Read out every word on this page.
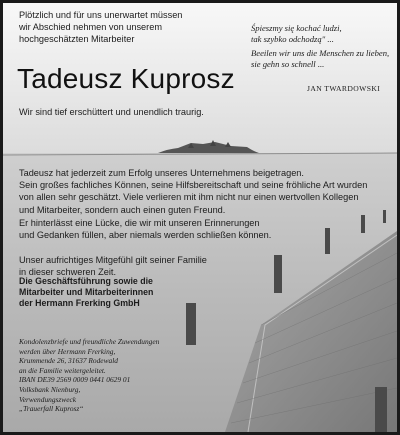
Plötzlich und für uns unerwartet müssen
wir Abschied nehmen von unserem
hochgeschätzten Mitarbeiter
Tadeusz Kuprosz
Wir sind tief erschüttert und unendlich traurig.
Śpieszmy się kochać ludzi,
tak szybko odchodzą" ...
Beeilen wir uns die Menschen zu lieben,
sie gehn so schnell ...
JAN TWARDOWSKI
Tadeusz hat jederzeit zum Erfolg unseres Unternehmens beigetragen.
Sein großes fachliches Können, seine Hilfsbereitschaft und seine fröhliche Art wurden
von allen sehr geschätzt. Viele verlieren mit ihm nicht nur einen wertvollen Kollegen
und Mitarbeiter, sondern auch einen guten Freund.
Er hinterlässt eine Lücke, die wir mit unseren Erinnerungen
und Gedanken füllen, aber niemals werden schließen können.
Unser aufrichtiges Mitgefühl gilt seiner Familie
in dieser schweren Zeit.
Die Geschäftsführung sowie die
Mitarbeiter und Mitarbeiterinnen
der Hermann Frerking GmbH
Kondolenzbriefe und freundliche Zuwendungen
werden über Hermann Frerking,
Krummende 26, 31637 Rodewald
an die Familie weitergeleitet.
IBAN DE39 2569 0009 0441 0629 01
Volksbank Nienburg,
Verwendungszweck
„Trauerfall Kuprosz“
